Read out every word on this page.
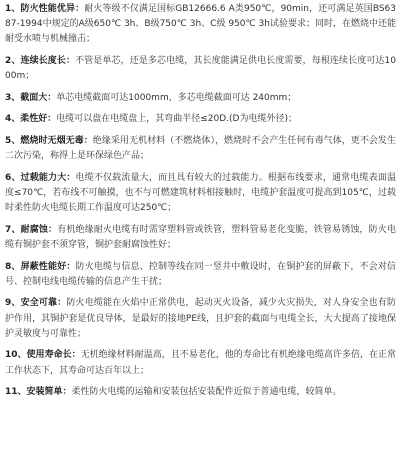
1、防火性能优异：耐火等级不仅满足国标GB12666.6 A类950℃，90min，还可满足英国BS6387-1994中规定的A级650℃ 3h、B级750℃ 3h、C级 950℃ 3h试验要求；同时，在燃烧中还能耐受水喷与机械撞击；

2、连续长度长：不管是单芯，还是多芯电缆，其长度能满足供电长度需要，每根连续长度可达1000m；

3、截面大：单芯电缆截面可达1000mm，多芯电缆截面可达 240mm；

4、柔性好：电缆可以盘在电缆盘上，其弯曲半径≤20D.(D为电缆外径)；

5、燃烧时无烟无毒：绝缘采用无机材料（不燃烧体），燃烧时不会产生任何有毒气体，更不会发生二次污染，称得上是环保绿色产品；

6、过载能力大：电缆不仅载流量大，而且具有较大的过载能力。根据布线要求，通常电缆表面温度≤70℃，若布线不可触摸，也不与可燃建筑材料相接触时，电缆护套温度可提高到105℃，过载时柔性防火电缆长期工作温度可达250℃；

7、耐腐蚀：有机绝缘耐火电缆有时需穿塑料管或铁管，塑料管易老化变脆，铁管易锈蚀，防火电缆有铜护套不须穿管，铜护套耐腐蚀性好；

8、屏蔽性能好：防火电缆与信息、控制等线在同一竖井中敷设时，在铜护套的屏蔽下，不会对信号、控制电线电缆传输的信息产生干扰；

9、安全可靠：防火电缆能在火焰中正常供电，起动灭火设备，减少火灾损失，对人身安全也有防护作用，其铜护套是优良导体，是最好的接地PE线，且护套的截面与电缆全长，大大提高了接地保护灵敏度与可靠性；

10、使用寿命长：无机绝缘材料耐温高，且不易老化，他的寿命比有机绝缘电缆高许多倍，在正常工作状态下，其寿命可达百年以上；

11、安装简单：柔性防火电缆的运输和安装包括安装配件近似于普通电缆，较简单。
